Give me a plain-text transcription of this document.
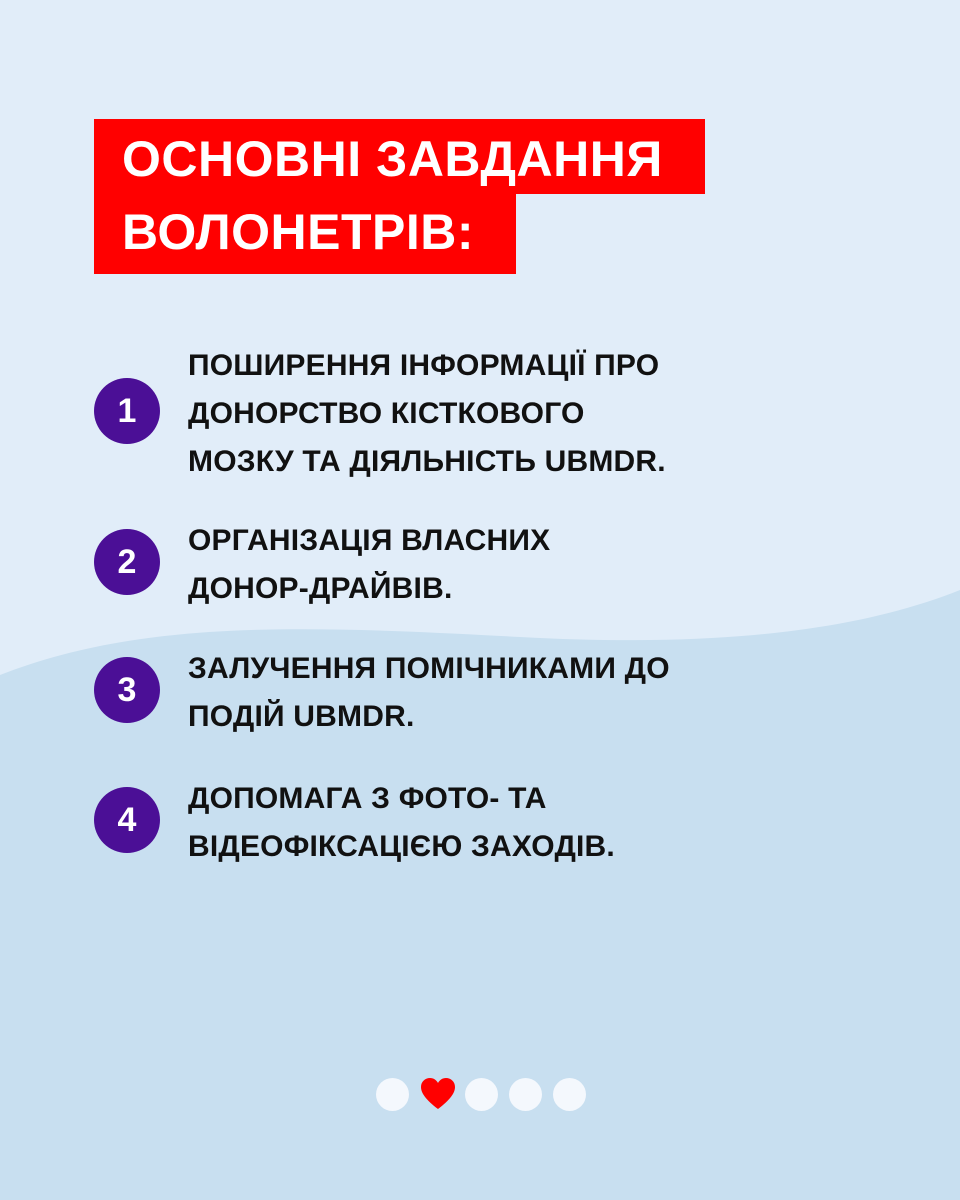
ОСНОВНІ ЗАВДАННЯ
ВОЛОНЕТРІВ:
1
ПОШИРЕННЯ ІНФОРМАЦІЇ ПРО
ДОНОРСТВО КІСТКОВОГО
МОЗКУ ТА ДІЯЛЬНІСТЬ UBMDR.
2
ОРГАНІЗАЦІЯ ВЛАСНИХ
ДОНОР-ДРАЙВІВ.
3
ЗАЛУЧЕННЯ ПОМІЧНИКАМИ ДО
ПОДІЙ UBMDR.
4
ДОПОМАГА З ФОТО- ТА
ВІДЕОФІКСАЦІЄЮ ЗАХОДІВ.
